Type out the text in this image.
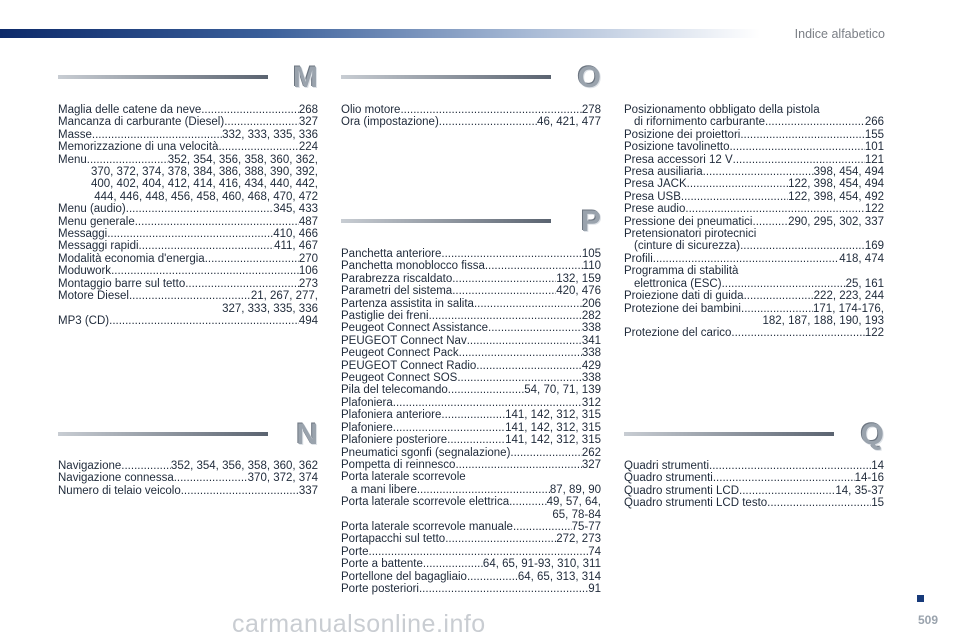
Indice alfabetico
M
N
O
P
Q
Maglia delle catene da neve .....	268
Mancanza di carburante (Diesel) .....	327
Masse .....	332, 333, 335, 336
Memorizzazione di una velocità .....	224
Menu .....	352, 354, 356, 358, 360, 362,
370, 372, 374, 378, 384, 386, 388, 390, 392,
400, 402, 404, 412, 414, 416, 434, 440, 442,
444, 446, 448, 456, 458, 460, 468, 470, 472
Menu (audio) .....	345, 433
Menu generale .....	487
Messaggi .....	410, 466
Messaggi rapidi .....	411, 467
Modalità economia d'energia .....	270
Moduwork .....	106
Montaggio barre sul tetto .....	273
Motore Diesel .....	21, 267, 277,
327, 333, 335, 336
MP3 (CD) .....	494
Navigazione .....	352, 354, 356, 358, 360, 362
Navigazione connessa .....	370, 372, 374
Numero di telaio veicolo .....	337
Olio motore .....	278
Ora (impostazione) .....	46, 421, 477
Panchetta anteriore .....	105
Panchetta monoblocco fissa .....	110
Parabrezza riscaldato .....	132, 159
Parametri del sistema .....	420, 476
Partenza assistita in salita .....	206
Pastiglie dei freni .....	282
Peugeot Connect Assistance .....	338
PEUGEOT Connect Nav .....	341
Peugeot Connect Pack .....	338
PEUGEOT Connect Radio .....	429
Peugeot Connect SOS .....	338
Pila del telecomando .....	54, 70, 71, 139
Plafoniera .....	312
Plafoniera anteriore .....	141, 142, 312, 315
Plafoniere .....	141, 142, 312, 315
Plafoniere posteriore .....	141, 142, 312, 315
Pneumatici sgonfi (segnalazione) .....	262
Pompetta di reinnesco .....	327
Porta laterale scorrevole
a mani libere .....	87, 89, 90
Porta laterale scorrevole elettrica .....	49, 57, 64,
65, 78-84
Porta laterale scorrevole manuale .....	75-77
Portapacchi sul tetto .....	272, 273
Porte .....	74
Porte a battente .....	64, 65, 91-93, 310, 311
Portellone del bagagliaio .....	64, 65, 313, 314
Porte posteriori .....	91
Posizionamento obbligato della pistola
di rifornimento carburante .....	266
Posizione dei proiettori .....	155
Posizione tavolinetto .....	101
Presa accessori 12 V .....	121
Presa ausiliaria .....	398, 454, 494
Presa JACK .....	122, 398, 454, 494
Presa USB .....	122, 398, 454, 492
Prese audio .....	122
Pressione dei pneumatici .....	290, 295, 302, 337
Pretensionatori pirotecnici
(cinture di sicurezza) .....	169
Profili .....	418, 474
Programma di stabilità
elettronica (ESC) .....	25, 161
Proiezione dati di guida .....	222, 223, 244
Protezione dei bambini .....	171, 174-176,
182, 187, 188, 190, 193
Protezione del carico .....	122
Quadri strumenti .....	14
Quadro strumenti .....	14-16
Quadro strumenti LCD .....	14, 35-37
Quadro strumenti LCD testo .....	15
carmanualsonline.info	509
